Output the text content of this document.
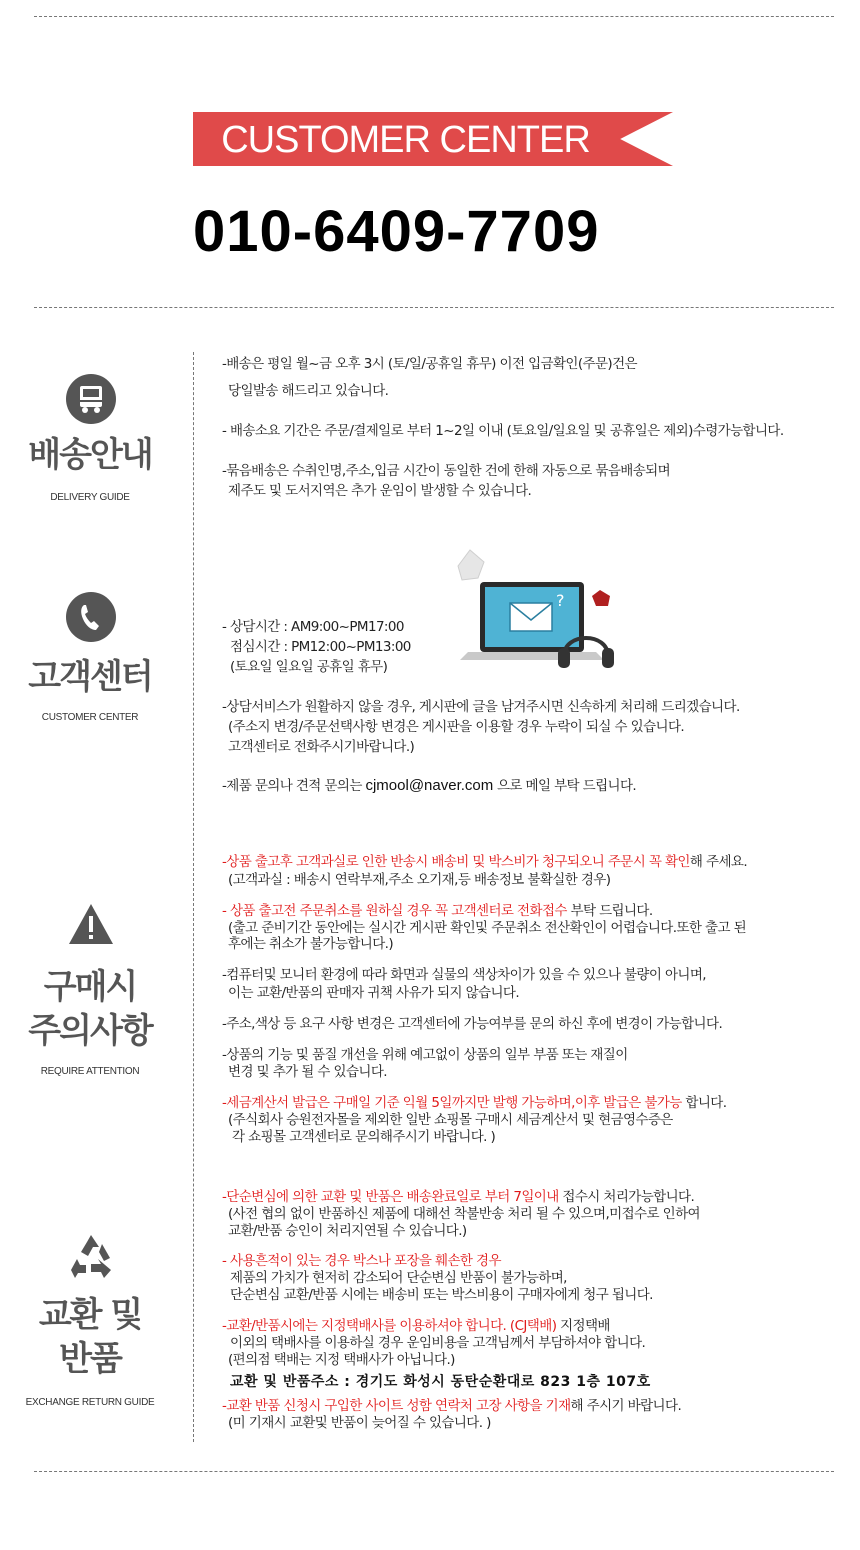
CUSTOMER CENTER
010-6409-7709
배송안내
DELIVERY GUIDE
-배송은 평일 월~금 오후 3시 (토/일/공휴일 휴무) 이전 입금확인(주문)건은
당일발송 해드리고 있습니다.
- 배송소요 기간은 주문/결제일로 부터 1~2일 이내 (토요일/일요일 및 공휴일은 제외)수령가능합니다.
-묶음배송은 수취인명,주소,입금 시간이 동일한 건에 한해 자동으로 묶음배송되며
제주도 및 도서지역은 추가 운임이 발생할 수 있습니다.
고객센터
CUSTOMER CENTER
- 상담시간 : AM9:00~PM17:00
점심시간 : PM12:00~PM13:00
(토요일 일요일 공휴일 휴무)
?
-상담서비스가 원활하지 않을 경우, 게시판에 글을 남겨주시면 신속하게 처리해 드리겠습니다.
(주소지 변경/주문선택사항 변경은 게시판을 이용할 경우 누락이 되실 수 있습니다.
고객센터로 전화주시기바랍니다.)
-제품 문의나 견적 문의는 cjmool@naver.com 으로 메일 부탁 드립니다.
구매시
주의사항
REQUIRE ATTENTION
-상품 출고후 고객과실로 인한 반송시 배송비 및 박스비가 청구되오니 주문시 꼭 확인해 주세요.
(고객과실 : 배송시 연락부재,주소 오기재,등 배송정보 불확실한 경우)
- 상품 출고전 주문취소를 원하실 경우 꼭 고객센터로 전화접수 부탁 드립니다.
(출고 준비기간 동안에는 실시간 게시판 확인및 주문취소 전산확인이 어렵습니다.또한 출고 된
후에는 취소가 불가능합니다.)
-컴퓨터및 모니터 환경에 따라 화면과 실물의 색상차이가 있을 수 있으나 불량이 아니며,
이는 교환/반품의 판매자 귀책 사유가 되지 않습니다.
-주소,색상 등 요구 사항 변경은 고객센터에 가능여부를 문의 하신 후에 변경이 가능합니다.
-상품의 기능 및 품질 개선을 위해 예고없이 상품의 일부 부품 또는 재질이
변경 및 추가 될 수 있습니다.
-세금계산서 발급은 구매일 기준 익월 5일까지만 발행 가능하며,이후 발급은 불가능 합니다.
(주식회사 승원전자몰을 제외한 일반 쇼핑몰 구매시 세금계산서 및 현금영수증은
각 쇼핑몰 고객센터로 문의해주시기 바랍니다. )
교환 및
반품
EXCHANGE RETURN GUIDE
-단순변심에 의한 교환 및 반품은 배송완료일로 부터 7일이내 접수시 처리가능합니다.
(사전 협의 없이 반품하신 제품에 대해선 착불반송 처리 될 수 있으며,미접수로 인하여
교환/반품 승인이 처리지연될 수 있습니다.)
- 사용흔적이 있는 경우 박스나 포장을 훼손한 경우
제품의 가치가 현저히 감소되어 단순변심 반품이 불가능하며,
단순변심 교환/반품 시에는 배송비 또는 박스비용이 구매자에게 청구 됩니다.
-교환/반품시에는 지정택배사를 이용하셔야 합니다. (CJ택배) 지정택배
이외의 택배사를 이용하실 경우 운임비용을 고객님께서 부담하셔야 합니다.
(편의점 택배는 지정 택배사가 아닙니다.)
교환 및 반품주소 : 경기도 화성시 동탄순환대로 823 1층 107호
-교환 반품 신청시 구입한 사이트 성함 연락처 고장 사항을 기재해 주시기 바랍니다.
(미 기재시 교환및 반품이 늦어질 수 있습니다. )
